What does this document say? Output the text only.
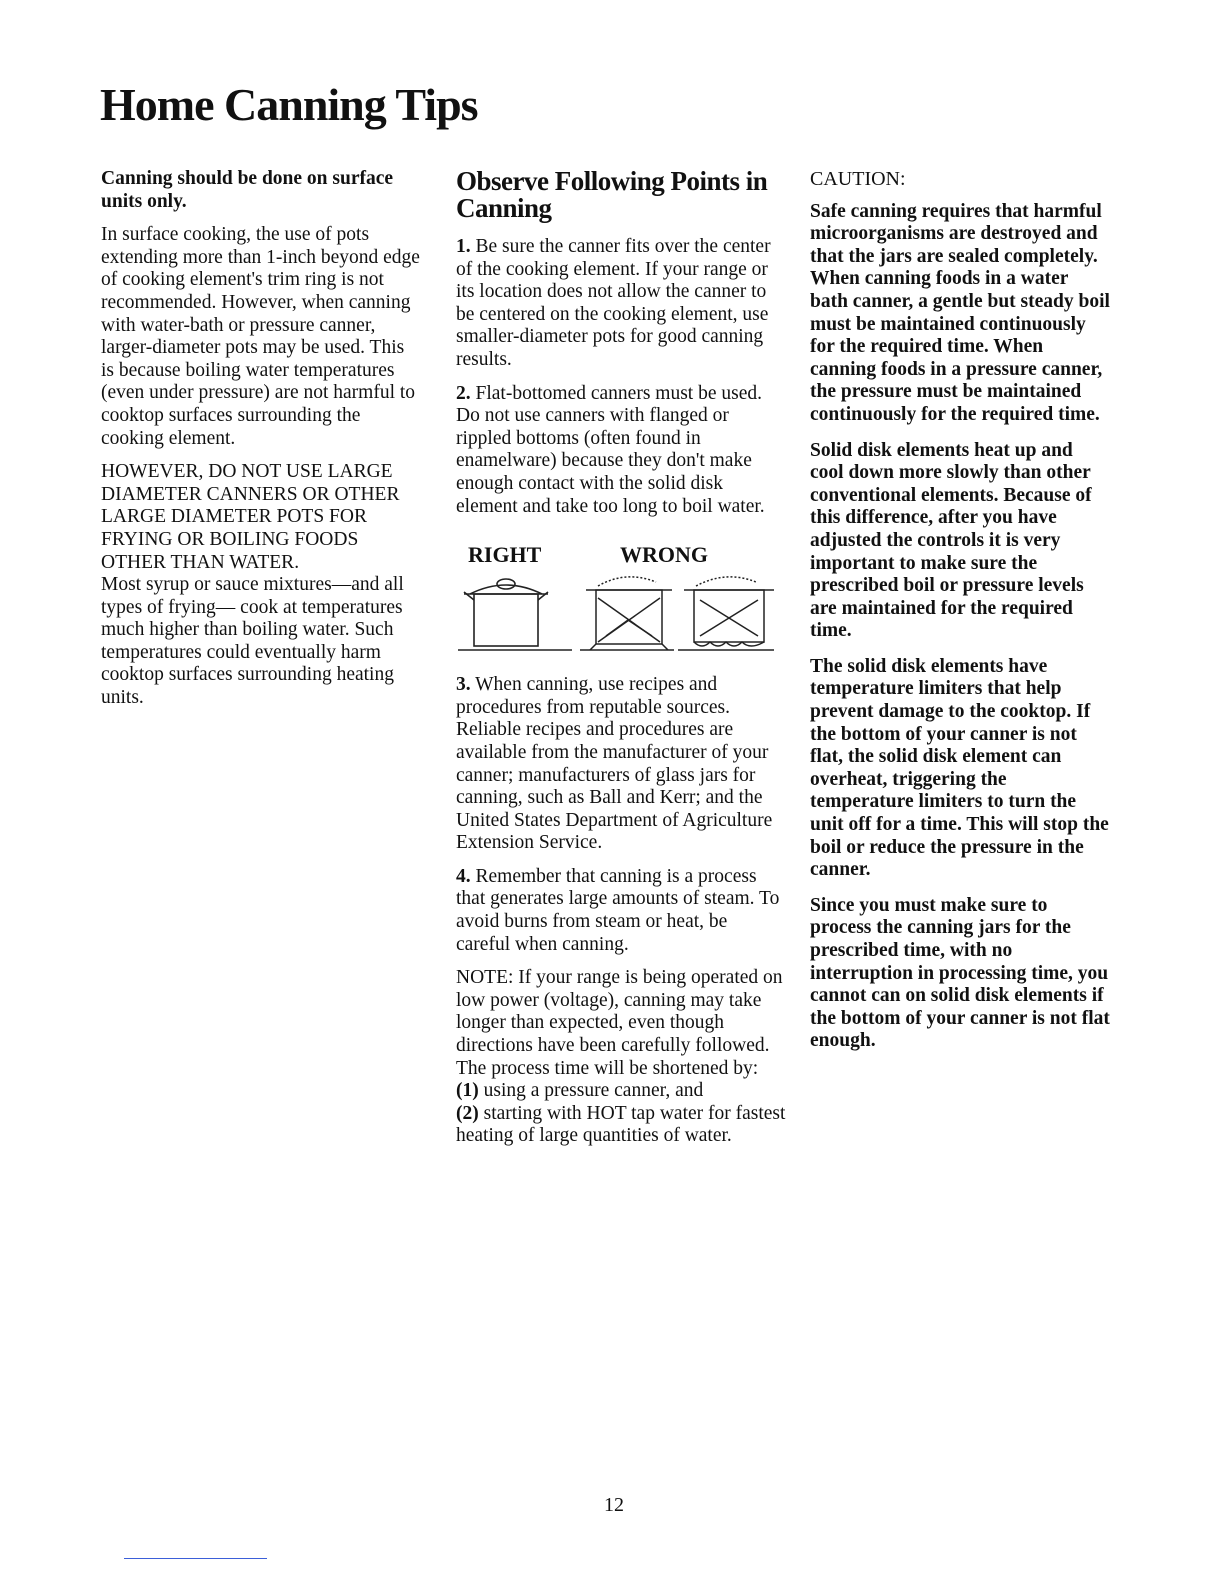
Home Canning Tips

Canning should be done on surface units only.

In surface cooking, the use of pots extending more than 1-inch beyond edge of cooking element's trim ring is not recommended. However, when canning with water-bath or pressure canner, larger-diameter pots may be used. This is because boiling water temperatures (even under pressure) are not harmful to cooktop surfaces surrounding the cooking element.

HOWEVER, DO NOT USE LARGE DIAMETER CANNERS OR OTHER LARGE DIAMETER POTS FOR FRYING OR BOILING FOODS OTHER THAN WATER.

Most syrup or sauce mixtures—and all types of frying— cook at temperatures much higher than boiling water. Such temperatures could eventually harm cooktop surfaces surrounding heating units.

Observe Following Points in Canning

1. Be sure the canner fits over the center of the cooking element. If your range or its location does not allow the canner to be centered on the cooking element, use smaller-diameter pots for good canning results.

2. Flat-bottomed canners must be used. Do not use canners with flanged or rippled bottoms (often found in enamelware) because they don't make enough contact with the solid disk element and take too long to boil water.

RIGHT	WRONG

3. When canning, use recipes and procedures from reputable sources. Reliable recipes and procedures are available from the manufacturer of your canner; manufacturers of glass jars for canning, such as Ball and Kerr; and the United States Department of Agriculture Extension Service.

4. Remember that canning is a process that generates large amounts of steam. To avoid burns from steam or heat, be careful when canning.

NOTE: If your range is being operated on low power (voltage), canning may take longer than expected, even though directions have been carefully followed. The process time will be shortened by:

(1) using a pressure canner, and

(2) starting with HOT tap water for fastest heating of large quantities of water.

CAUTION:

Safe canning requires that harmful microorganisms are destroyed and that the jars are sealed completely. When canning foods in a water bath canner, a gentle but steady boil must be maintained continuously for the required time. When canning foods in a pressure canner, the pressure must be maintained continuously for the required time.

Solid disk elements heat up and cool down more slowly than other conventional elements. Because of this difference, after you have adjusted the controls it is very important to make sure the prescribed boil or pressure levels are maintained for the required time.

The solid disk elements have temperature limiters that help prevent damage to the cooktop. If the bottom of your canner is not flat, the solid disk element can overheat, triggering the temperature limiters to turn the unit off for a time. This will stop the boil or reduce the pressure in the canner.

Since you must make sure to process the canning jars for the prescribed time, with no interruption in processing time, you cannot can on solid disk elements if the bottom of your canner is not flat enough.

12
